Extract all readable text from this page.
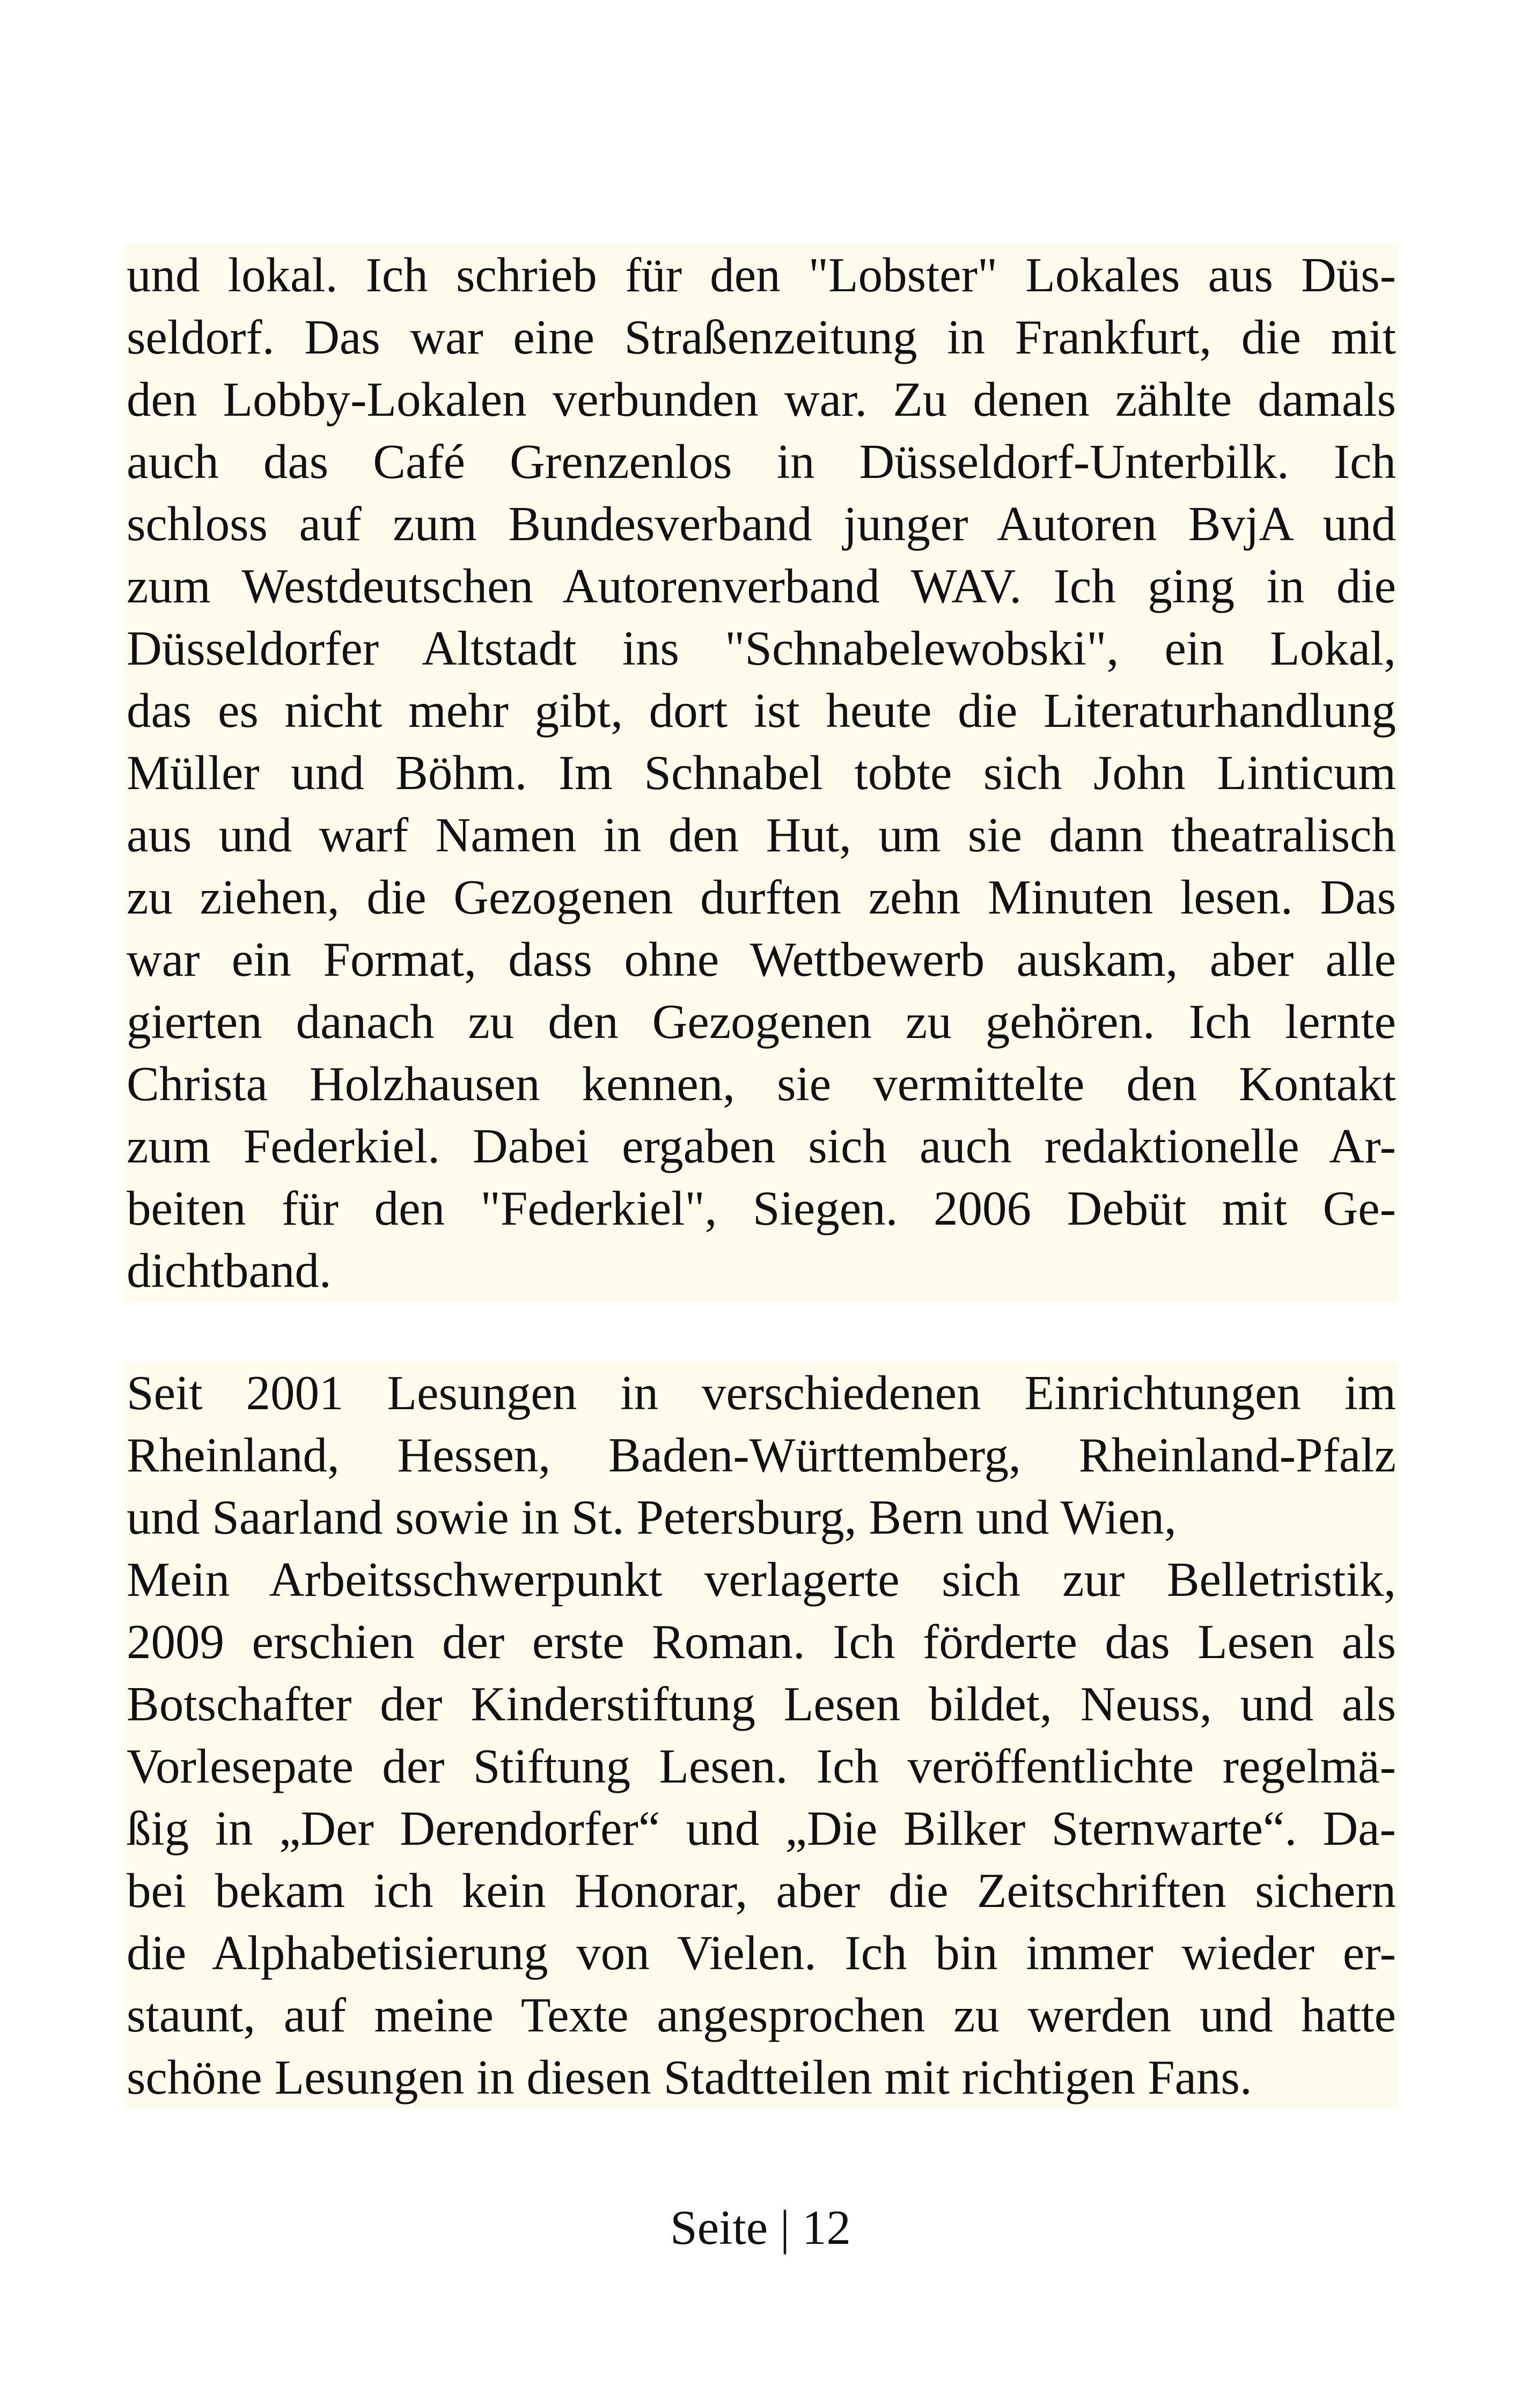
und lokal. Ich schrieb für den "Lobster" Lokales aus Düs-
seldorf. Das war eine Straßenzeitung in Frankfurt, die mit
den Lobby-Lokalen verbunden war. Zu denen zählte damals
auch das Café Grenzenlos in Düsseldorf-Unterbilk. Ich
schloss auf zum Bundesverband junger Autoren BvjA und
zum Westdeutschen Autorenverband WAV. Ich ging in die
Düsseldorfer Altstadt ins "Schnabelewobski", ein Lokal,
das es nicht mehr gibt, dort ist heute die Literaturhandlung
Müller und Böhm. Im Schnabel tobte sich John Linticum
aus und warf Namen in den Hut, um sie dann theatralisch
zu ziehen, die Gezogenen durften zehn Minuten lesen. Das
war ein Format, dass ohne Wettbewerb auskam, aber alle
gierten danach zu den Gezogenen zu gehören. Ich lernte
Christa Holzhausen kennen, sie vermittelte den Kontakt
zum Federkiel. Dabei ergaben sich auch redaktionelle Ar-
beiten für den "Federkiel", Siegen. 2006 Debüt mit Ge-
dichtband.
Seit 2001 Lesungen in verschiedenen Einrichtungen im
Rheinland, Hessen, Baden-Württemberg, Rheinland-Pfalz
und Saarland sowie in St. Petersburg, Bern und Wien,
Mein Arbeitsschwerpunkt verlagerte sich zur Belletristik,
2009 erschien der erste Roman. Ich förderte das Lesen als
Botschafter der Kinderstiftung Lesen bildet, Neuss, und als
Vorlesepate der Stiftung Lesen. Ich veröffentlichte regelmä-
ßig in „Der Derendorfer“ und „Die Bilker Sternwarte“. Da-
bei bekam ich kein Honorar, aber die Zeitschriften sichern
die Alphabetisierung von Vielen. Ich bin immer wieder er-
staunt, auf meine Texte angesprochen zu werden und hatte
schöne Lesungen in diesen Stadtteilen mit richtigen Fans.
Seite | 12
